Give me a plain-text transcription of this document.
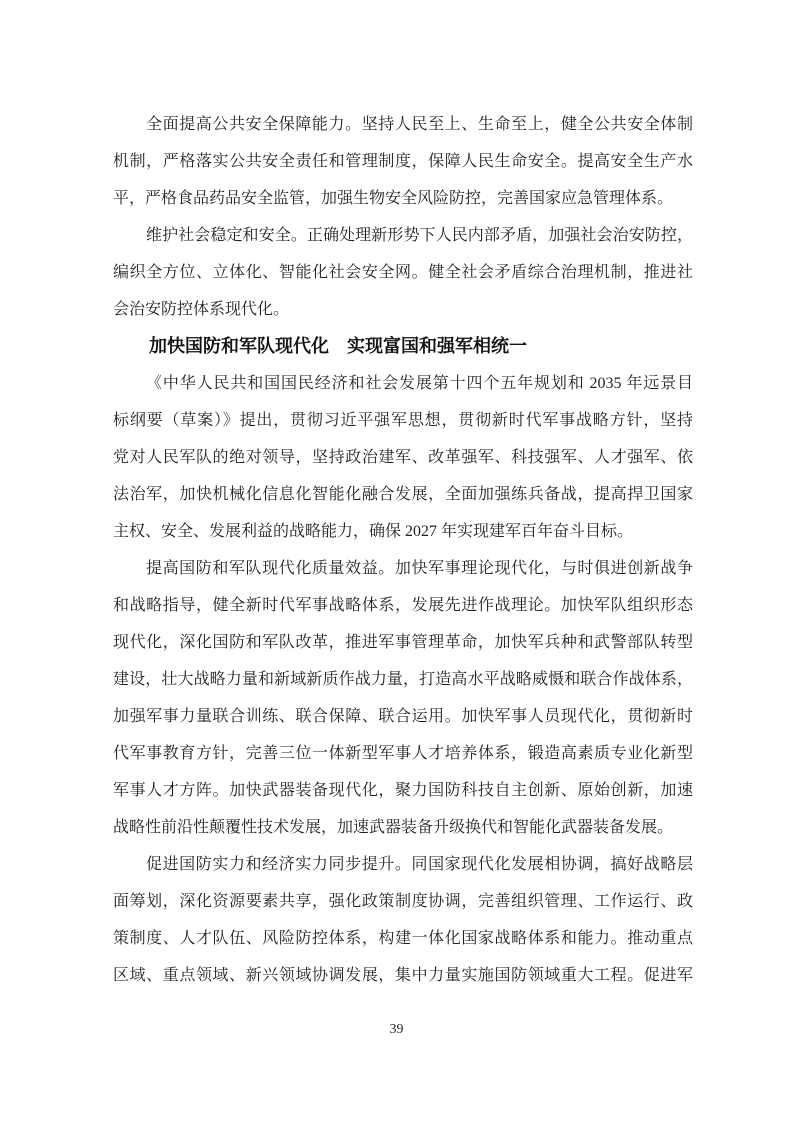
全面提高公共安全保障能力。坚持人民至上、生命至上，健全公共安全体制
机制，严格落实公共安全责任和管理制度，保障人民生命安全。提高安全生产水
平，严格食品药品安全监管，加强生物安全风险防控，完善国家应急管理体系。
维护社会稳定和安全。正确处理新形势下人民内部矛盾，加强社会治安防控，
编织全方位、立体化、智能化社会安全网。健全社会矛盾综合治理机制，推进社
会治安防控体系现代化。
加快国防和军队现代化　实现富国和强军相统一
《中华人民共和国国民经济和社会发展第十四个五年规划和 2035 年远景目
标纲要（草案）》提出，贯彻习近平强军思想，贯彻新时代军事战略方针，坚持
党对人民军队的绝对领导，坚持政治建军、改革强军、科技强军、人才强军、依
法治军，加快机械化信息化智能化融合发展，全面加强练兵备战，提高捍卫国家
主权、安全、发展利益的战略能力，确保 2027 年实现建军百年奋斗目标。
提高国防和军队现代化质量效益。加快军事理论现代化，与时俱进创新战争
和战略指导，健全新时代军事战略体系，发展先进作战理论。加快军队组织形态
现代化，深化国防和军队改革，推进军事管理革命，加快军兵种和武警部队转型
建设，壮大战略力量和新域新质作战力量，打造高水平战略威慑和联合作战体系，
加强军事力量联合训练、联合保障、联合运用。加快军事人员现代化，贯彻新时
代军事教育方针，完善三位一体新型军事人才培养体系，锻造高素质专业化新型
军事人才方阵。加快武器装备现代化，聚力国防科技自主创新、原始创新，加速
战略性前沿性颠覆性技术发展，加速武器装备升级换代和智能化武器装备发展。
促进国防实力和经济实力同步提升。同国家现代化发展相协调，搞好战略层
面筹划，深化资源要素共享，强化政策制度协调，完善组织管理、工作运行、政
策制度、人才队伍、风险防控体系，构建一体化国家战略体系和能力。推动重点
区域、重点领域、新兴领域协调发展，集中力量实施国防领域重大工程。促进军
39
